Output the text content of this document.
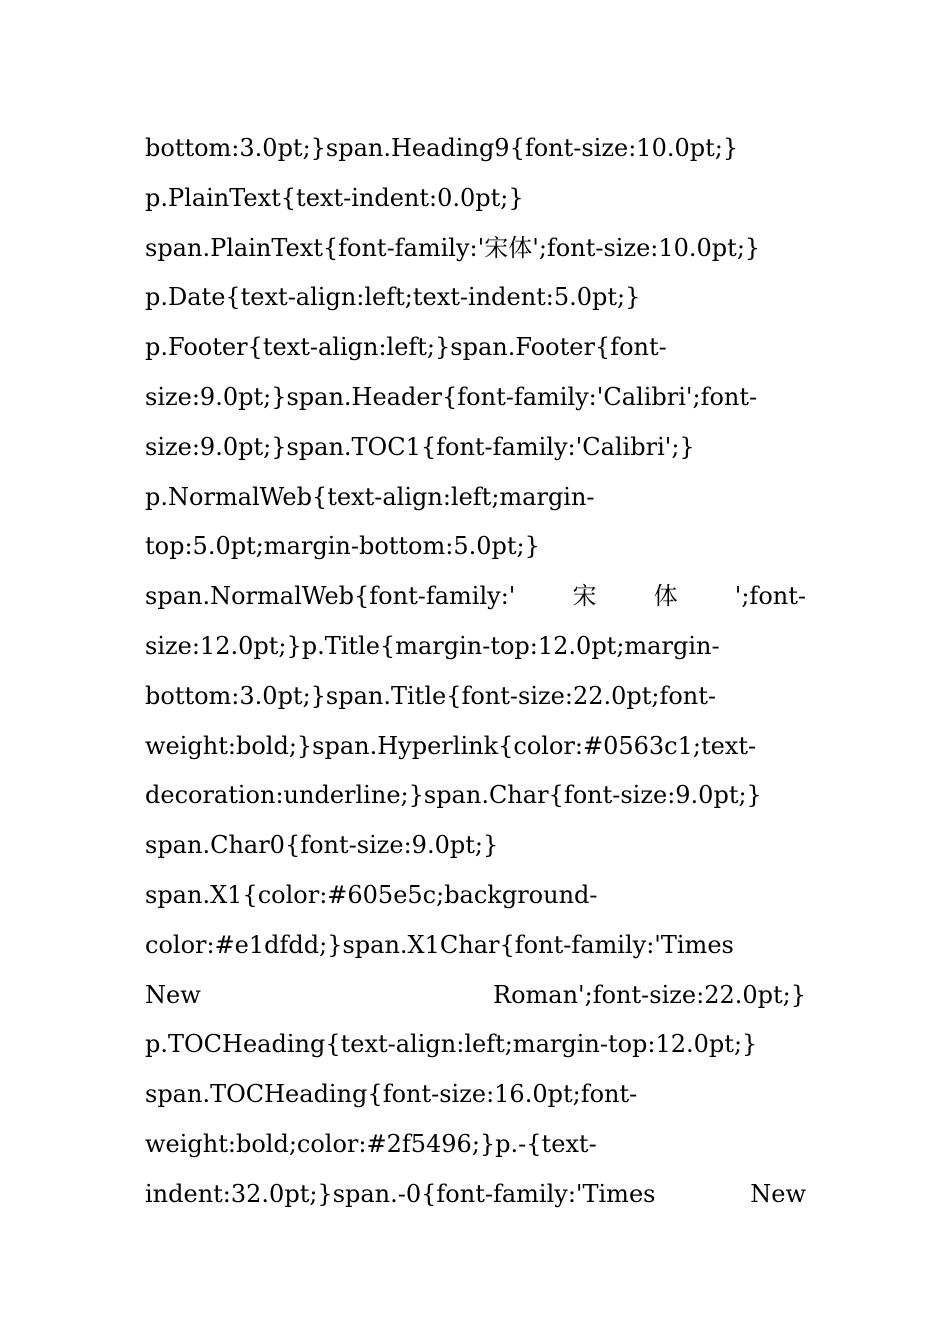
bottom:3.0pt;}span.Heading9{font-size:10.0pt;}
p.PlainText{text-indent:0.0pt;}
span.PlainText{font-family:'宋体';font-size:10.0pt;}
p.Date{text-align:left;text-indent:5.0pt;}
p.Footer{text-align:left;}span.Footer{font-
size:9.0pt;}span.Header{font-family:'Calibri';font-
size:9.0pt;}span.TOC1{font-family:'Calibri';}
p.NormalWeb{text-align:left;margin-
top:5.0pt;margin-bottom:5.0pt;}
span.NormalWeb{font-family:' 宋 体 ';font-
size:12.0pt;}p.Title{margin-top:12.0pt;margin-
bottom:3.0pt;}span.Title{font-size:22.0pt;font-
weight:bold;}span.Hyperlink{color:#0563c1;text-
decoration:underline;}span.Char{font-size:9.0pt;}
span.Char0{font-size:9.0pt;}
span.X1{color:#605e5c;background-
color:#e1dfdd;}span.X1Char{font-family:'Times
New	Roman';font-size:22.0pt;}
p.TOCHeading{text-align:left;margin-top:12.0pt;}
span.TOCHeading{font-size:16.0pt;font-
weight:bold;color:#2f5496;}p.-{text-
indent:32.0pt;}span.-0{font-family:'Times	New
